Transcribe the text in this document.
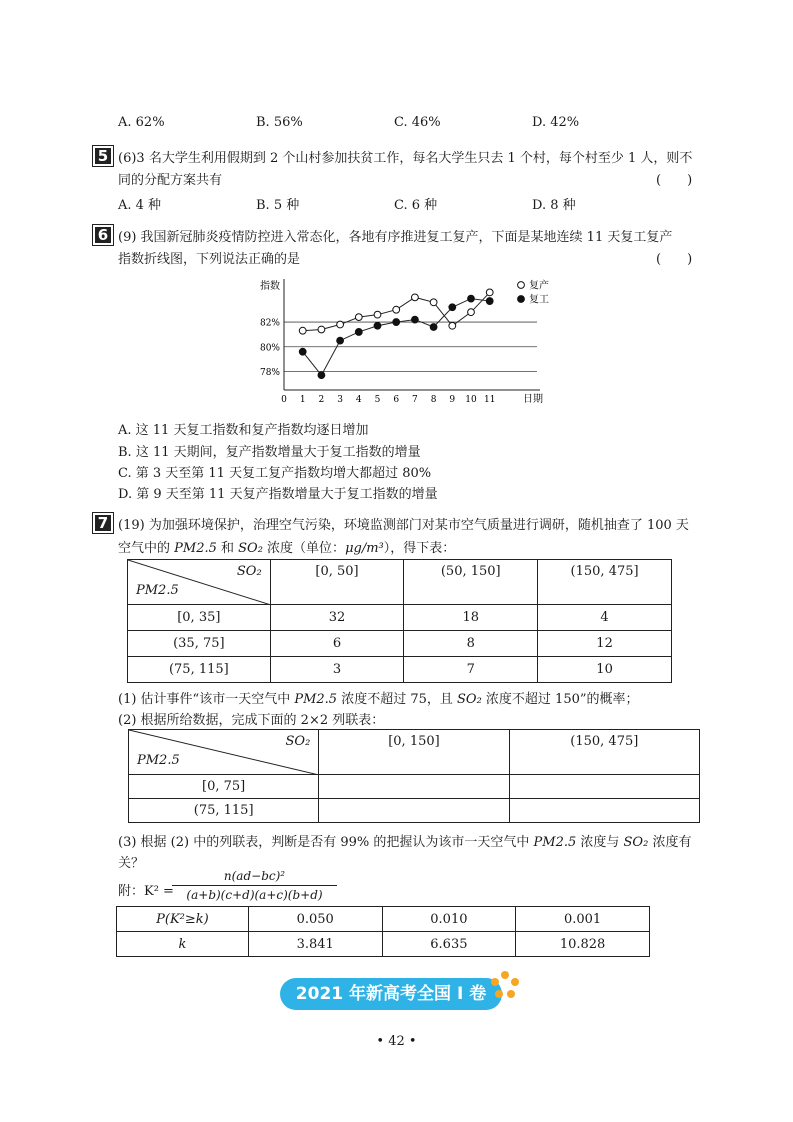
A. 62%	B. 56%	C. 46%	D. 42%
5 (6)3 名大学生利用假期到 2 个山村参加扶贫工作，每名大学生只去 1 个村，每个村至少 1 人，则不
同的分配方案共有	(　　)
A. 4 种	B. 5 种	C. 6 种	D. 8 种
6 (9) 我国新冠肺炎疫情防控进入常态化，各地有序推进复工复产，下面是某地连续 11 天复工复产
指数折线图，下列说法正确的是	(　　)
78%
80%
82%
指数
日期
0 1 2 3 4 5 6 7 8 9 10 11
复产
复工
A. 这 11 天复工指数和复产指数均逐日增加
B. 这 11 天期间，复产指数增量大于复工指数的增量
C. 第 3 天至第 11 天复工复产指数均增大都超过 80%
D. 第 9 天至第 11 天复产指数增量大于复工指数的增量
7 (19) 为加强环境保护，治理空气污染，环境监测部门对某市空气质量进行调研，随机抽查了 100 天
空气中的 PM2.5 和 SO₂ 浓度（单位：μg/m³），得下表：
SO₂
PM2.5	[0, 50]	(50, 150]	(150, 475]
[0, 35]	32	18	4
(35, 75]	6	8	12
(75, 115]	3	7	10
(1) 估计事件“该市一天空气中 PM2.5 浓度不超过 75，且 SO₂ 浓度不超过 150”的概率；
(2) 根据所给数据，完成下面的 2×2 列联表：
SO₂
PM2.5	[0, 150]	(150, 475]
[0, 75]		
(75, 115]		
(3) 根据 (2) 中的列联表，判断是否有 99% 的把握认为该市一天空气中 PM2.5 浓度与 SO₂ 浓度有
关？
附：K² =
n(ad−bc)²
(a+b)(c+d)(a+c)(b+d)
P(K²≥k)	0.050	0.010	0.001
k	3.841	6.635	10.828
2021 年新高考全国 I 卷
• 42 •
